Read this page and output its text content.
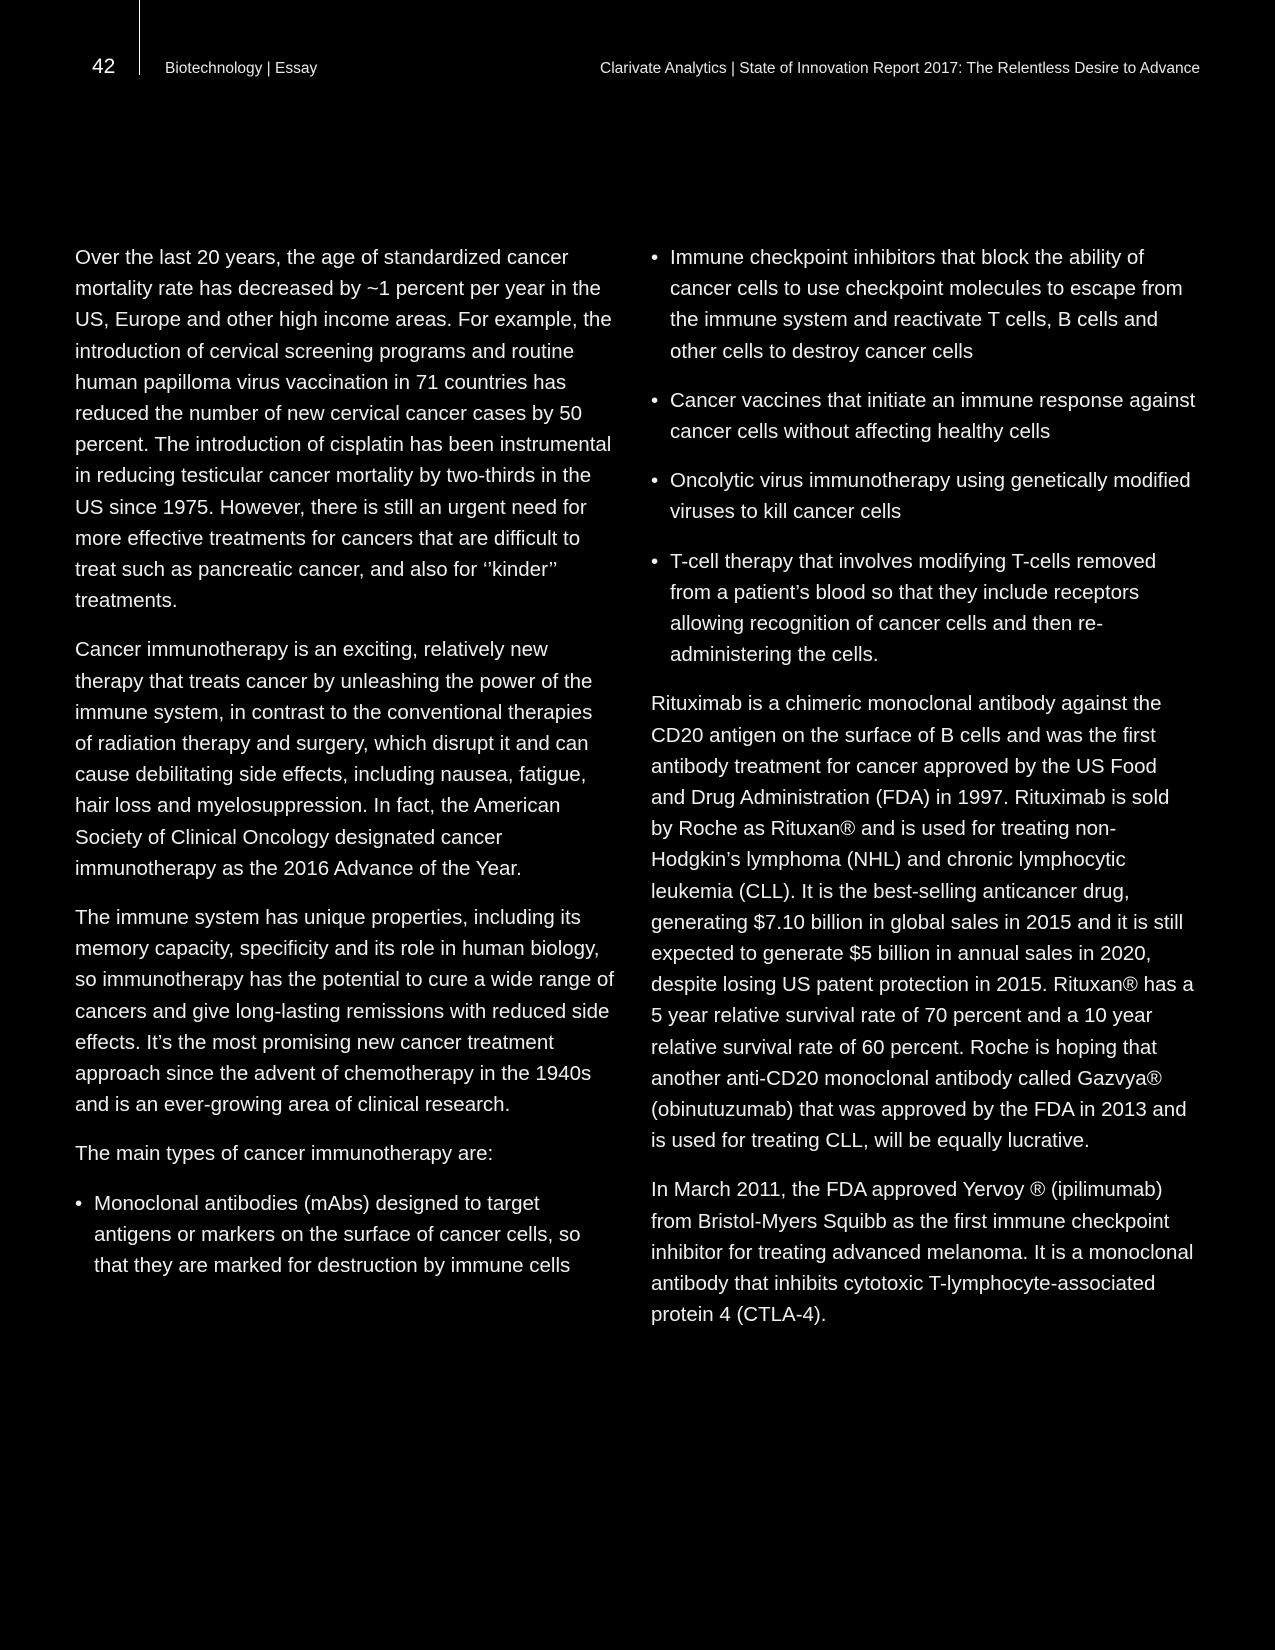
42	Biotechnology | Essay	Clarivate Analytics | State of Innovation Report 2017: The Relentless Desire to Advance

Over the last 20 years, the age of standardized cancer mortality rate has decreased by ~1 percent per year in the US, Europe and other high income areas. For example, the introduction of cervical screening programs and routine human papilloma virus vaccination in 71 countries has reduced the number of new cervical cancer cases by 50 percent. The introduction of cisplatin has been instrumental in reducing testicular cancer mortality by two-thirds in the US since 1975. However, there is still an urgent need for more effective treatments for cancers that are difficult to treat such as pancreatic cancer, and also for ‘’kinder’’ treatments.

Cancer immunotherapy is an exciting, relatively new therapy that treats cancer by unleashing the power of the immune system, in contrast to the conventional therapies of radiation therapy and surgery, which disrupt it and can cause debilitating side effects, including nausea, fatigue, hair loss and myelosuppression. In fact, the American Society of Clinical Oncology designated cancer immunotherapy as the 2016 Advance of the Year.

The immune system has unique properties, including its memory capacity, specificity and its role in human biology, so immunotherapy has the potential to cure a wide range of cancers and give long-lasting remissions with reduced side effects. It’s the most promising new cancer treatment approach since the advent of chemotherapy in the 1940s and is an ever-growing area of clinical research.

The main types of cancer immunotherapy are:

• Monoclonal antibodies (mAbs) designed to target antigens or markers on the surface of cancer cells, so that they are marked for destruction by immune cells
• Immune checkpoint inhibitors that block the ability of cancer cells to use checkpoint molecules to escape from the immune system and reactivate T cells, B cells and other cells to destroy cancer cells
• Cancer vaccines that initiate an immune response against cancer cells without affecting healthy cells
• Oncolytic virus immunotherapy using genetically modified viruses to kill cancer cells
• T-cell therapy that involves modifying T-cells removed from a patient’s blood so that they include receptors allowing recognition of cancer cells and then re-administering the cells.

Rituximab is a chimeric monoclonal antibody against the CD20 antigen on the surface of B cells and was the first antibody treatment for cancer approved by the US Food and Drug Administration (FDA) in 1997. Rituximab is sold by Roche as Rituxan® and is used for treating non-Hodgkin’s lymphoma (NHL) and chronic lymphocytic leukemia (CLL). It is the best-selling anticancer drug, generating $7.10 billion in global sales in 2015 and it is still expected to generate $5 billion in annual sales in 2020, despite losing US patent protection in 2015. Rituxan® has a 5 year relative survival rate of 70 percent and a 10 year relative survival rate of 60 percent. Roche is hoping that another anti-CD20 monoclonal antibody called Gazvya® (obinutuzumab) that was approved by the FDA in 2013 and is used for treating CLL, will be equally lucrative.

In March 2011, the FDA approved Yervoy ® (ipilimumab) from Bristol-Myers Squibb as the first immune checkpoint inhibitor for treating advanced melanoma. It is a monoclonal antibody that inhibits cytotoxic T-lymphocyte-associated protein 4 (CTLA-4).
